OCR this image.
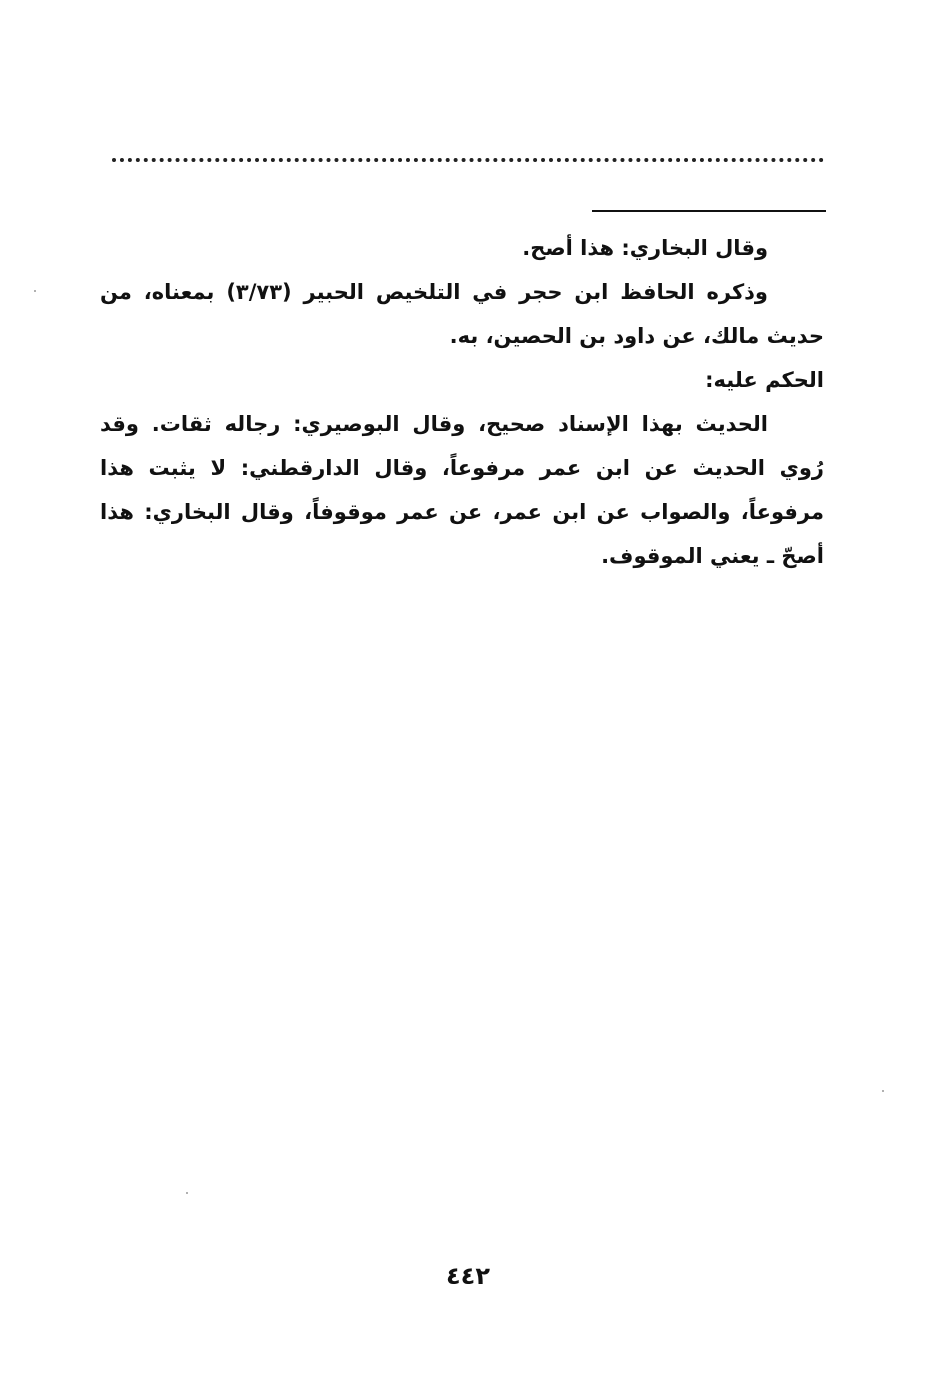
وقال البخاري: هذا أصح.

وذكره الحافظ ابن حجر في التلخيص الحبير (٣/٧٣) بمعناه، من حديث مالك، عن داود بن الحصين، به.

الحكم عليه:

الحديث بهذا الإسناد صحيح، وقال البوصيري: رجاله ثقات. وقد رُوي الحديث عن ابن عمر مرفوعاً، وقال الدارقطني: لا يثبت هذا مرفوعاً، والصواب عن ابن عمر، عن عمر موقوفاً، وقال البخاري: هذا أصحّ ـ يعني الموقوف.

٤٤٢
